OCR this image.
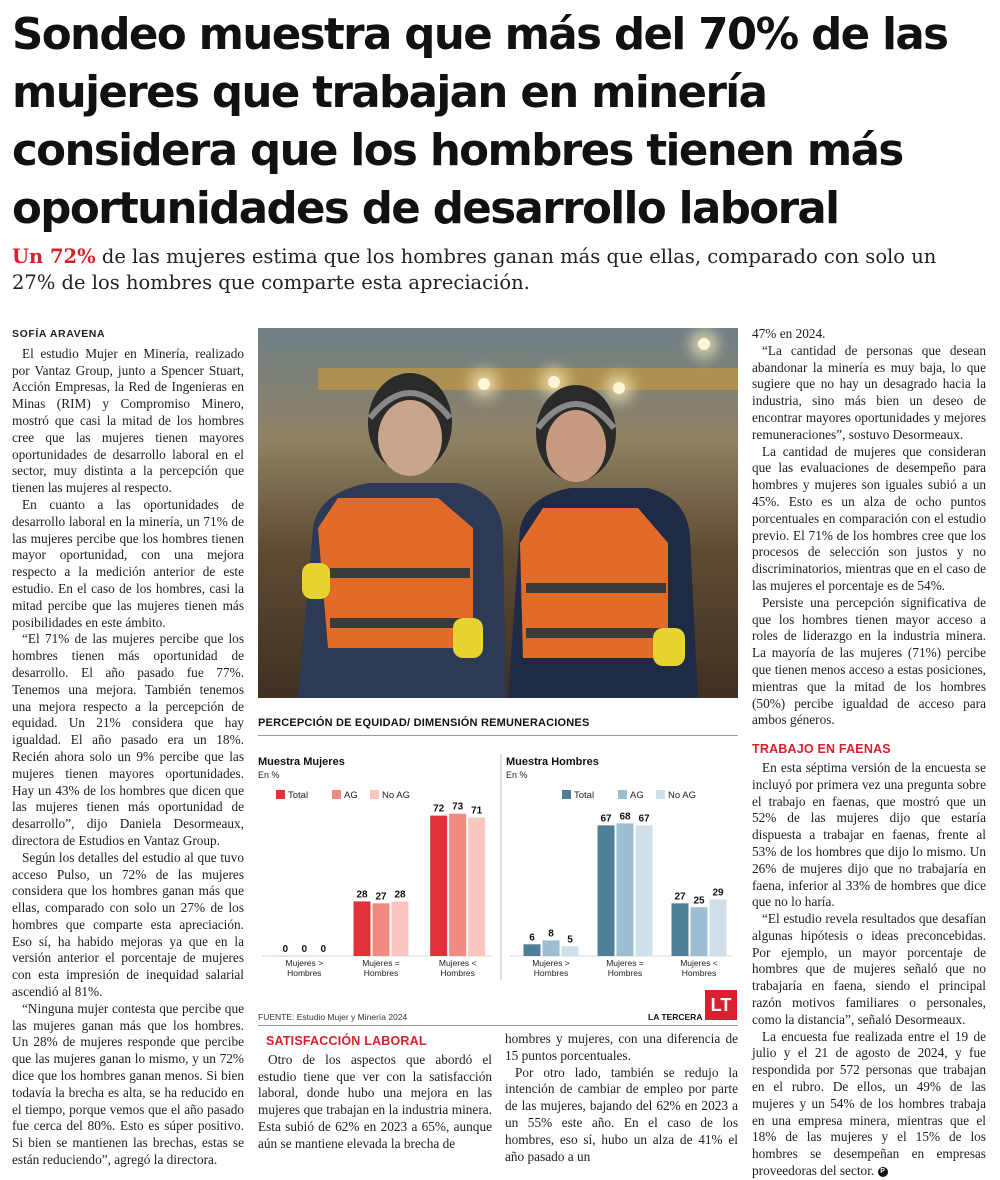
Sondeo muestra que más del 70% de las mujeres que trabajan en minería considera que los hombres tienen más oportunidades de desarrollo laboral
Un 72% de las mujeres estima que los hombres ganan más que ellas, comparado con solo un 27% de los hombres que comparte esta apreciación.
SOFÍA ARAVENA

El estudio Mujer en Minería, realizado por Vantaz Group, junto a Spencer Stuart, Acción Empresas, la Red de Ingenieras en Minas (RIM) y Compromiso Minero, mostró que casi la mitad de los hombres cree que las mujeres tienen mayores oportunidades de desarrollo laboral en el sector, muy distinta a la percepción que tienen las mujeres al respecto.

En cuanto a las oportunidades de desarrollo laboral en la minería, un 71% de las mujeres percibe que los hombres tienen mayor oportunidad, con una mejora respecto a la medición anterior de este estudio. En el caso de los hombres, casi la mitad percibe que las mujeres tienen más posibilidades en este ámbito.

“El 71% de las mujeres percibe que los hombres tienen más oportunidad de desarrollo. El año pasado fue 77%. Tenemos una mejora. También tenemos una mejora respecto a la percepción de equidad. Un 21% considera que hay igualdad. El año pasado era un 18%. Recién ahora solo un 9% percibe que las mujeres tienen mayores oportunidades. Hay un 43% de los hombres que dicen que las mujeres tienen más oportunidad de desarrollo”, dijo Daniela Desormeaux, directora de Estudios en Vantaz Group.

Según los detalles del estudio al que tuvo acceso Pulso, un 72% de las mujeres considera que los hombres ganan más que ellas, comparado con solo un 27% de los hombres que comparte esta apreciación. Eso sí, ha habido mejoras ya que en la versión anterior el porcentaje de mujeres con esta impresión de inequidad salarial ascendió al 81%.

“Ninguna mujer contesta que percibe que las mujeres ganan más que los hombres. Un 28% de mujeres responde que percibe que las mujeres ganan lo mismo, y un 72% dice que los hombres ganan menos. Si bien todavía la brecha es alta, se ha reducido en el tiempo, porque vemos que el año pasado fue cerca del 80%. Esto es súper positivo. Si bien se mantienen las brechas, estas se están reduciendo”, agregó la directora.

PERCEPCIÓN DE EQUIDAD/ DIMENSIÓN REMUNERACIONES
Muestra Mujeres
En %
Total	AG	No AG
0 0 0
Mujeres >
Hombres
28 27 28
Mujeres =
Hombres
72 73 71
Mujeres <
Hombres
Muestra Hombres
En %
Total	AG	No AG
6 8
5
Mujeres >
Hombres
67 68 67
Mujeres =
Hombres
27 25
29
Mujeres <
Hombres
FUENTE: Estudio Mujer y Minería 2024	LA TERCERA
LT
SATISFACCIÓN LABORAL

Otro de los aspectos que abordó el estudio tiene que ver con la satisfacción laboral, donde hubo una mejora en las mujeres que trabajan en la industria minera. Esta subió de 62% en 2023 a 65%, aunque aún se mantiene elevada la brecha de

hombres y mujeres, con una diferencia de 15 puntos porcentuales.

Por otro lado, también se redujo la intención de cambiar de empleo por parte de las mujeres, bajando del 62% en 2023 a un 55% este año. En el caso de los hombres, eso sí, hubo un alza de 41% el año pasado a un

47% en 2024.

“La cantidad de personas que desean abandonar la minería es muy baja, lo que sugiere que no hay un desagrado hacia la industria, sino más bien un deseo de encontrar mayores oportunidades y mejores remuneraciones”, sostuvo Desormeaux.

La cantidad de mujeres que consideran que las evaluaciones de desempeño para hombres y mujeres son iguales subió a un 45%. Esto es un alza de ocho puntos porcentuales en comparación con el estudio previo. El 71% de los hombres cree que los procesos de selección son justos y no discriminatorios, mientras que en el caso de las mujeres el porcentaje es de 54%.

Persiste una percepción significativa de que los hombres tienen mayor acceso a roles de liderazgo en la industria minera. La mayoría de las mujeres (71%) percibe que tienen menos acceso a estas posiciones, mientras que la mitad de los hombres (50%) percibe igualdad de acceso para ambos géneros.

TRABAJO EN FAENAS

En esta séptima versión de la encuesta se incluyó por primera vez una pregunta sobre el trabajo en faenas, que mostró que un 52% de las mujeres dijo que estaría dispuesta a trabajar en faenas, frente al 53% de los hombres que dijo lo mismo. Un 26% de mujeres dijo que no trabajaría en faena, inferior al 33% de hombres que dice que no lo haría.

“El estudio revela resultados que desafían algunas hipótesis o ideas preconcebidas. Por ejemplo, un mayor porcentaje de hombres que de mujeres señaló que no trabajaría en faena, siendo el principal razón motivos familiares o personales, como la distancia”, señaló Desormeaux.

La encuesta fue realizada entre el 19 de julio y el 21 de agosto de 2024, y fue respondida por 572 personas que trabajan en el rubro. De ellos, un 49% de las mujeres y un 54% de los hombres trabaja en una empresa minera, mientras que el 18% de las mujeres y el 15% de los hombres se desempeñan en empresas proveedoras del sector. P
